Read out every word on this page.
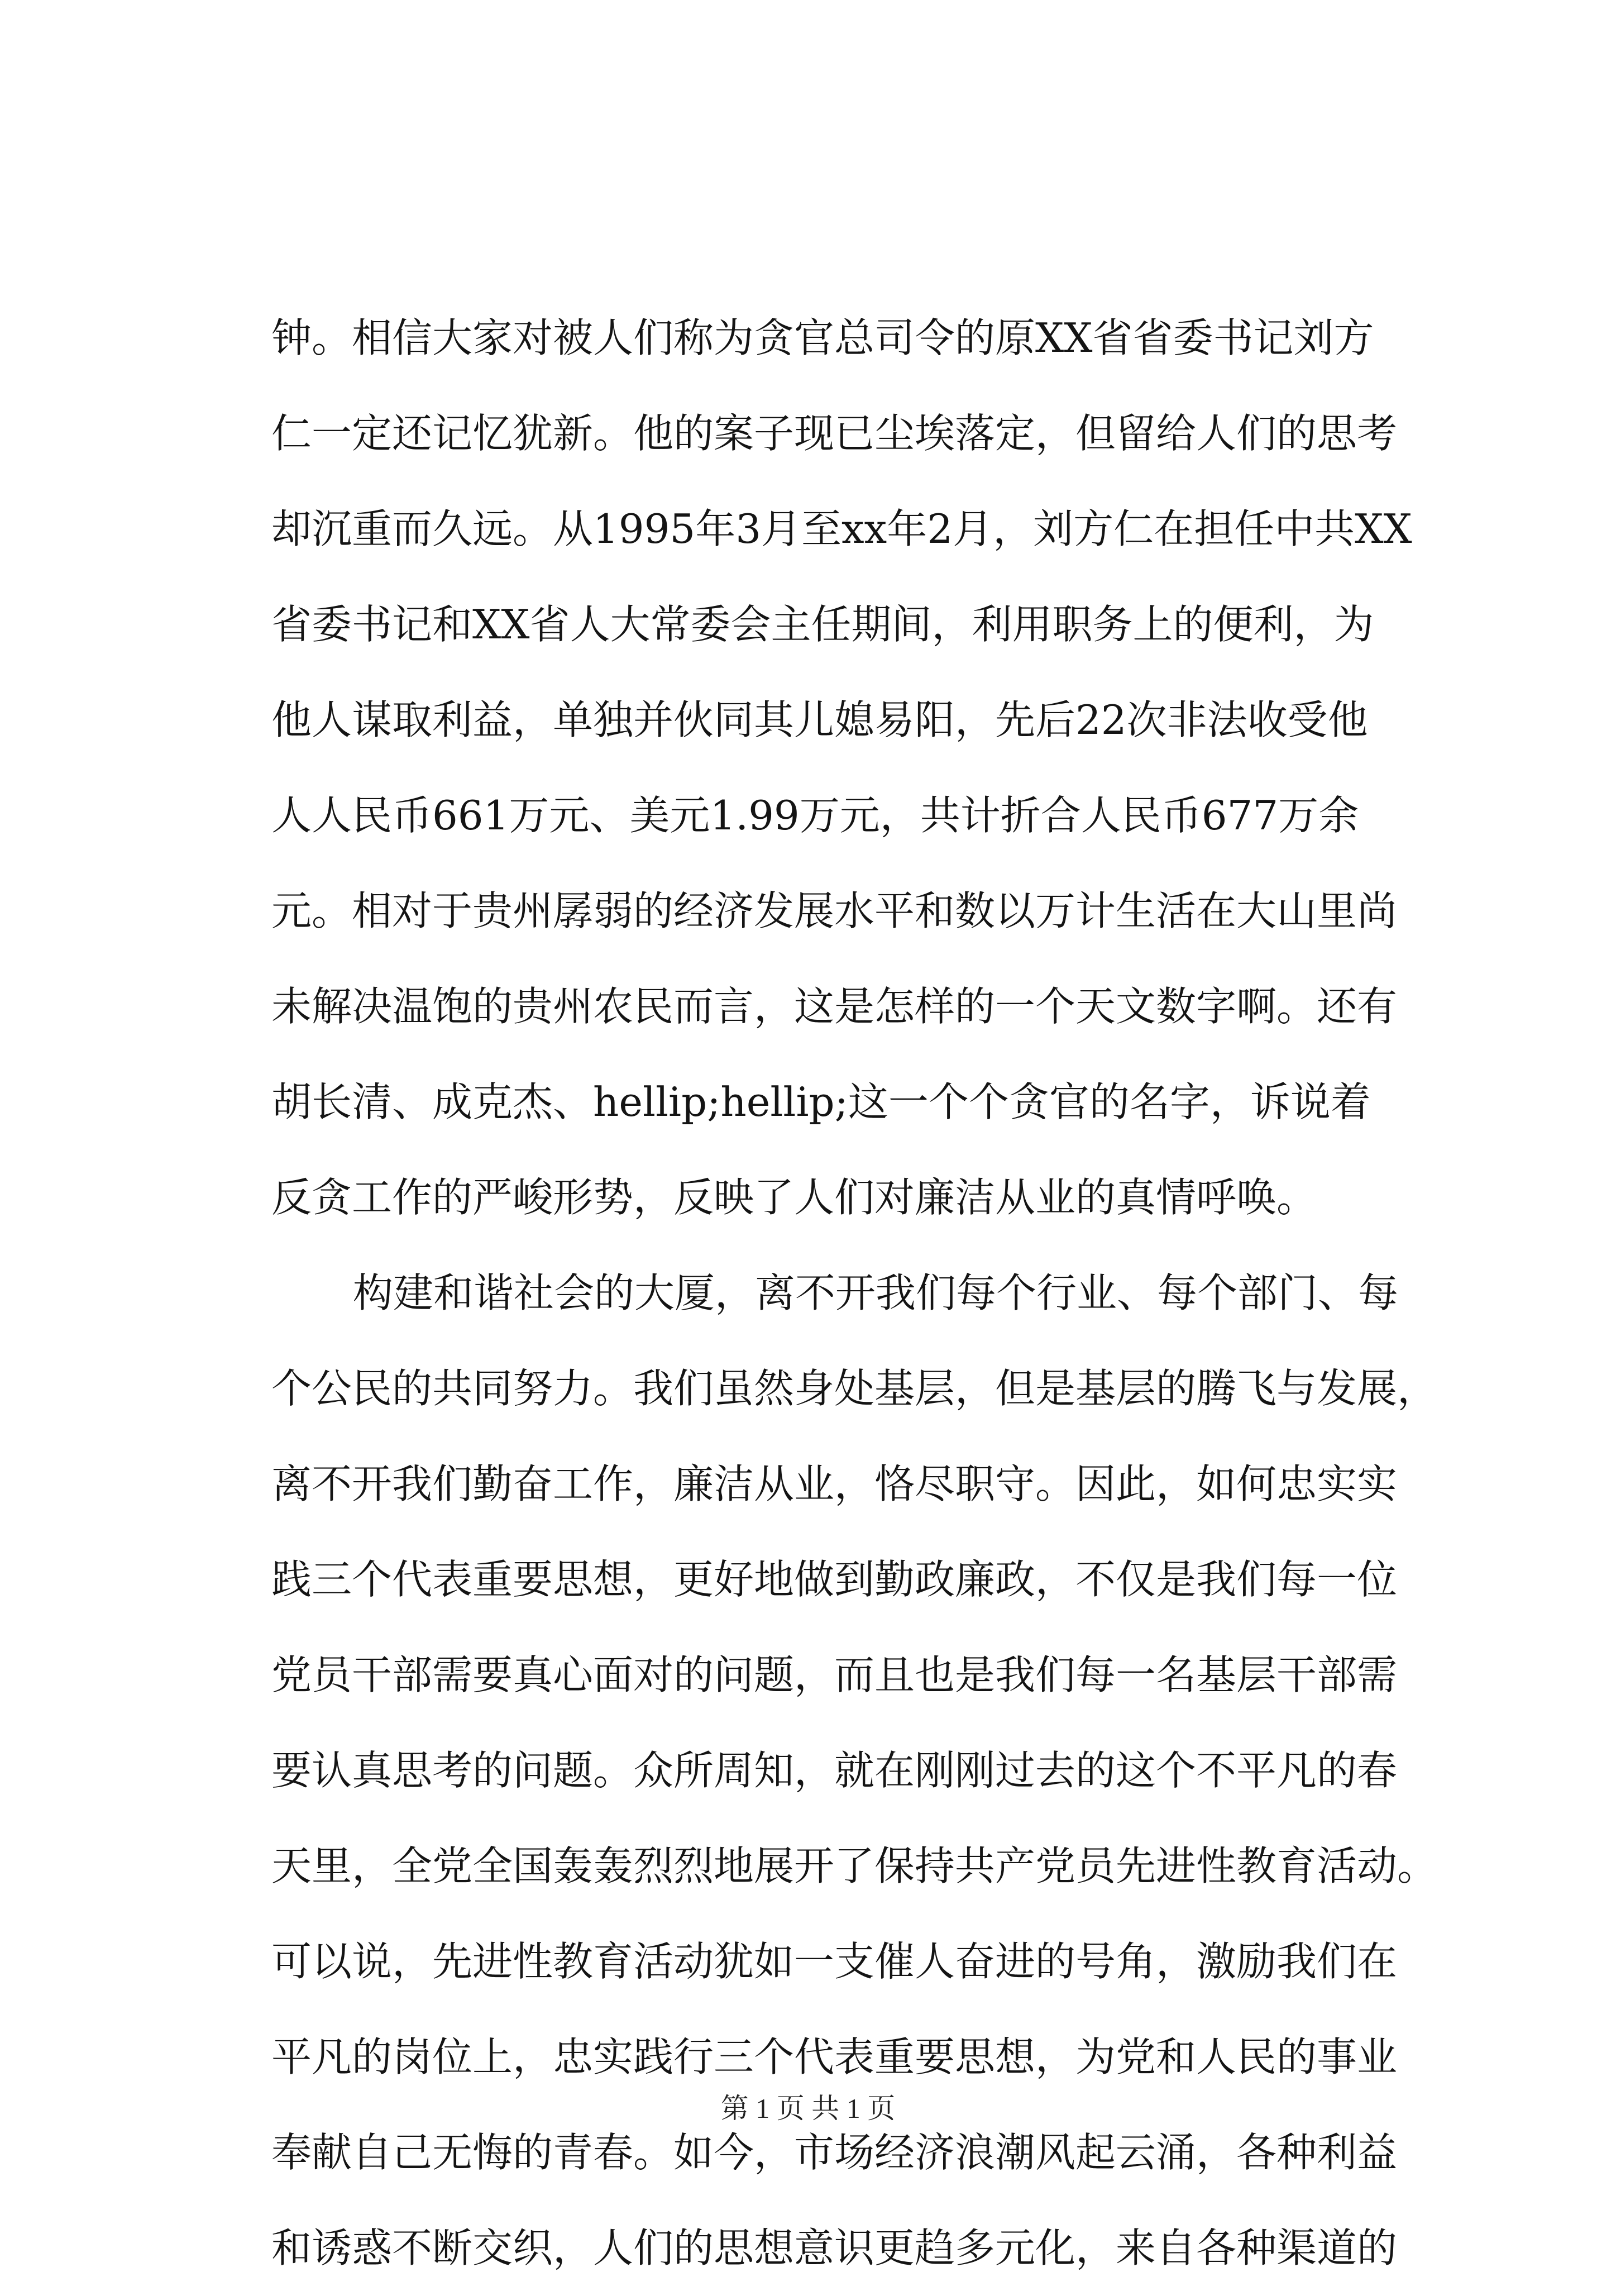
钟。相信大家对被人们称为贪官总司令的原XX省省委书记刘方
仁一定还记忆犹新。他的案子现已尘埃落定，但留给人们的思考
却沉重而久远。从1995年3月至xx年2月，刘方仁在担任中共XX
省委书记和XX省人大常委会主任期间，利用职务上的便利，为
他人谋取利益，单独并伙同其儿媳易阳，先后22次非法收受他
人人民币661万元、美元1.99万元，共计折合人民币677万余
元。相对于贵州孱弱的经济发展水平和数以万计生活在大山里尚
未解决温饱的贵州农民而言，这是怎样的一个天文数字啊。还有
胡长清、成克杰、hellip;hellip;这一个个贪官的名字，诉说着
反贪工作的严峻形势，反映了人们对廉洁从业的真情呼唤。
构建和谐社会的大厦，离不开我们每个行业、每个部门、每
个公民的共同努力。我们虽然身处基层，但是基层的腾飞与发展，
离不开我们勤奋工作，廉洁从业，恪尽职守。因此，如何忠实实
践三个代表重要思想，更好地做到勤政廉政，不仅是我们每一位
党员干部需要真心面对的问题，而且也是我们每一名基层干部需
要认真思考的问题。众所周知，就在刚刚过去的这个不平凡的春
天里，全党全国轰轰烈烈地展开了保持共产党员先进性教育活动。
可以说，先进性教育活动犹如一支催人奋进的号角，激励我们在
平凡的岗位上，忠实践行三个代表重要思想，为党和人民的事业
奉献自己无悔的青春。如今，市场经济浪潮风起云涌，各种利益
和诱惑不断交织，人们的思想意识更趋多元化，来自各种渠道的
第 1 页 共 1 页
